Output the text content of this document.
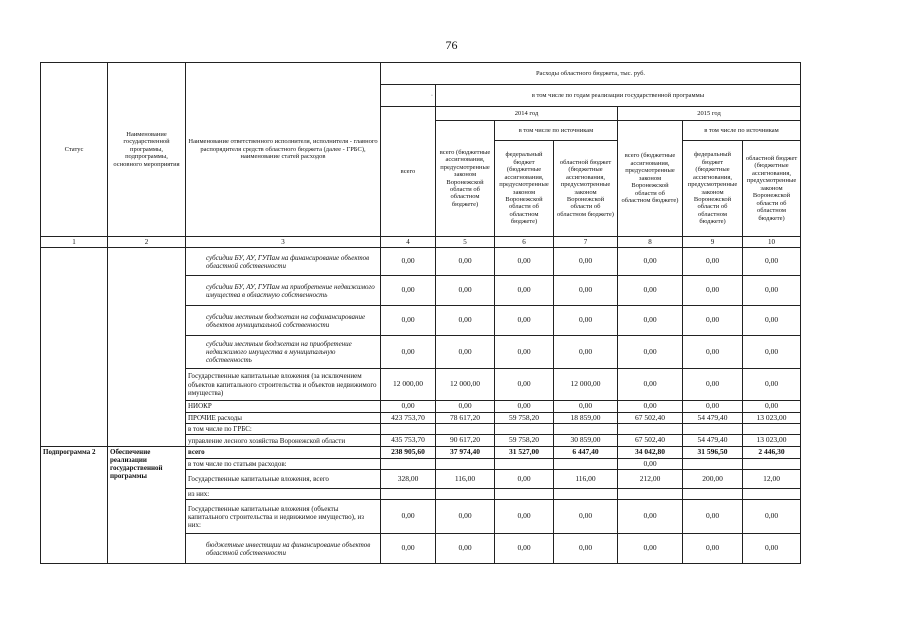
76
Статус	Наименование государственной программы, подпрограммы, основного мероприятия	Наименование ответственного исполнителя, исполнителя - главного распорядителя средств областного бюджета (далее - ГРБС), наименование статей расходов	Расходы областного бюджета, тыс. руб.						
			·	в том числе по годам реализации государственной программы					
			всего	2014 год			2015 год		
				всего (бюджетные ассигнования, предусмотренные законом Воронежской области об областном бюджете)	в том числе по источникам		всего (бюджетные ассигнования, предусмотренные законом Воронежской области об областном бюджете)	в том числе по источникам	
					федеральный бюджет (бюджетные ассигнования, предусмотренные законом Воронежской области об областном бюджете)	областной бюджет (бюджетные ассигнования, предусмотренные законом Воронежской области об областном бюджете)		федеральный бюджет (бюджетные ассигнования, предусмотренные законом Воронежской области об областном бюджете)	областной бюджет (бюджетные ассигнования, предусмотренные законом Воронежской области об областном бюджете)
1	2	3	4	5	6	7	8	9	10
		субсидии БУ, АУ, ГУПам на финансирование объектов областной собственности	0,00	0,00	0,00	0,00	0,00	0,00	0,00
		субсидии БУ, АУ, ГУПам на приобретение недвижимого имущества в областную собственность	0,00	0,00	0,00	0,00	0,00	0,00	0,00
		субсидии местным бюджетам на софинансирование объектов муниципальной собственности	0,00	0,00	0,00	0,00	0,00	0,00	0,00
		субсидии местным бюджетам на приобретение недвижимого имущества в муниципальную собственность	0,00	0,00	0,00	0,00	0,00	0,00	0,00
		Государственные капитальные вложения (за исключением объектов капитального строительства и объектов недвижимого имущества)	12 000,00	12 000,00	0,00	12 000,00	0,00	0,00	0,00
		НИОКР	0,00	0,00	0,00	0,00	0,00	0,00	0,00
		ПРОЧИЕ расходы	423 753,70	78 617,20	59 758,20	18 859,00	67 502,40	54 479,40	13 023,00
		в том числе по ГРБС:							
		управление лесного хозяйства Воронежской области	435 753,70	90 617,20	59 758,20	30 859,00	67 502,40	54 479,40	13 023,00
Подпрограмма 2	Обеспечение реализации государственной программы	всего	238 905,60	37 974,40	31 527,00	6 447,40	34 042,80	31 596,50	2 446,30
		в том числе по статьям расходов:					0,00		
		Государственные капитальные вложения, всего	328,00	116,00	0,00	116,00	212,00	200,00	12,00
		из них:							
		Государственные капитальные вложения (объекты капитального строительства и недвижимое имущество), из них:	0,00	0,00	0,00	0,00	0,00	0,00	0,00
		бюджетные инвестиции на финансирование объектов областной собственности	0,00	0,00	0,00	0,00	0,00	0,00	0,00
